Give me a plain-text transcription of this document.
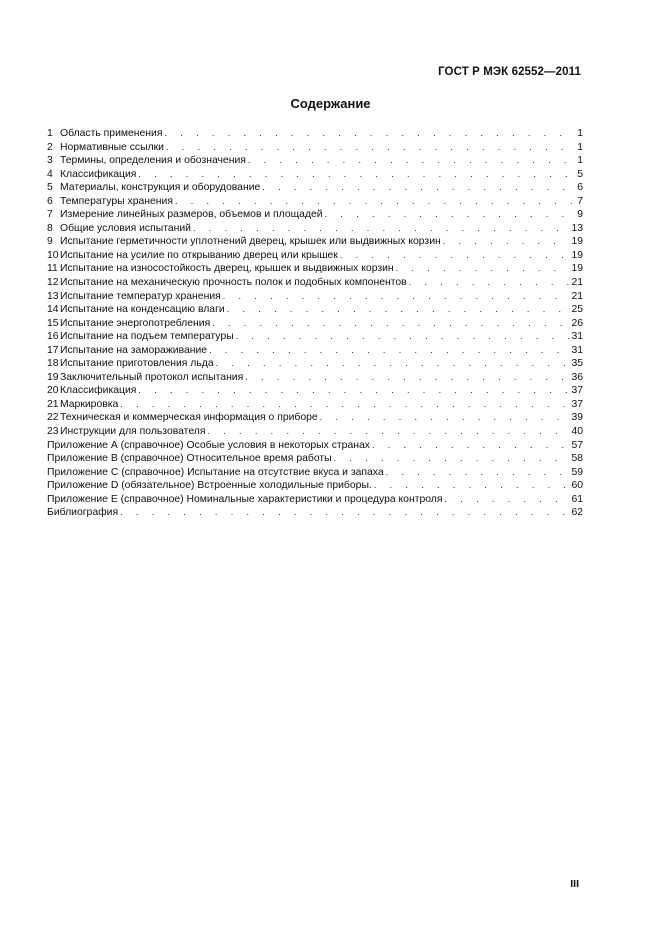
ГОСТ Р МЭК 62552—2011
Содержание
1 Область применения . . .	1
2 Нормативные ссылки . . .	1
3 Термины, определения и обозначения . . .	1
4 Классификация . . .	5
5 Материалы, конструкция и оборудование . . .	6
6 Температуры хранения . . .	7
7 Измерение линейных размеров, объемов и площадей . . .	9
8 Общие условия испытаний . . .	13
9 Испытание герметичности уплотнений дверец, крышек или выдвижных корзин . . .	19
10 Испытание на усилие по открыванию дверец или крышек . . .	19
11 Испытание на износостойкость дверец, крышек и выдвижных корзин . . .	19
12 Испытание на механическую прочность полок и подобных компонентов . . .	21
13 Испытание температур хранения . . .	21
14 Испытание на конденсацию влаги . . .	25
15 Испытание энергопотребления . . .	26
16 Испытание на подъем температуры . . .	31
17 Испытание на замораживание . . .	31
18 Испытание приготовления льда . . .	35
19 Заключительный протокол испытания . . .	36
20 Классификация . . .	37
21 Маркировка . . .	37
22 Техническая и коммерческая информация о приборе . . .	39
23 Инструкции для пользователя . . .	40
Приложение А (справочное) Особые условия в некоторых странах . . .	57
Приложение В (справочное) Относительное время работы . . .	58
Приложение С (справочное) Испытание на отсутствие вкуса и запаха . . .	59
Приложение D (обязательное) Встроенные холодильные приборы. . . .	60
Приложение Е (справочное) Номинальные характеристики и процедура контроля . . .	61
Библиография . . .	62
III
